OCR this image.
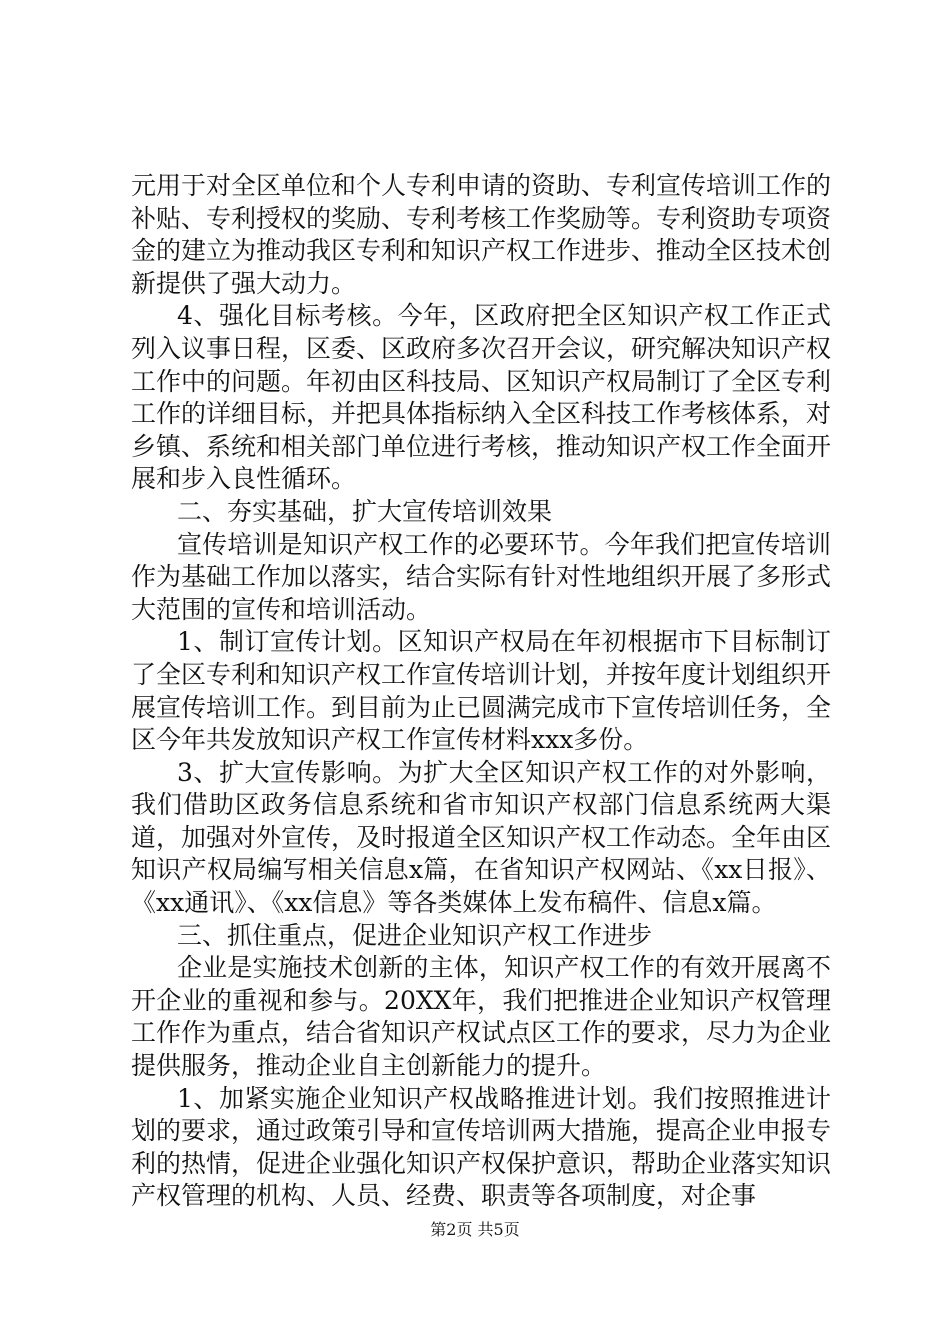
元用于对全区单位和个人专利申请的资助、专利宣传培训工作的补贴、专利授权的奖励、专利考核工作奖励等。专利资助专项资金的建立为推动我区专利和知识产权工作进步、推动全区技术创新提供了强大动力。

4、强化目标考核。今年，区政府把全区知识产权工作正式列入议事日程，区委、区政府多次召开会议，研究解决知识产权工作中的问题。年初由区科技局、区知识产权局制订了全区专利工作的详细目标，并把具体指标纳入全区科技工作考核体系，对乡镇、系统和相关部门单位进行考核，推动知识产权工作全面开展和步入良性循环。

二、夯实基础，扩大宣传培训效果

宣传培训是知识产权工作的必要环节。今年我们把宣传培训作为基础工作加以落实，结合实际有针对性地组织开展了多形式大范围的宣传和培训活动。

1、制订宣传计划。区知识产权局在年初根据市下目标制订了全区专利和知识产权工作宣传培训计划，并按年度计划组织开展宣传培训工作。到目前为止已圆满完成市下宣传培训任务，全区今年共发放知识产权工作宣传材料xxx多份。

3、扩大宣传影响。为扩大全区知识产权工作的对外影响，我们借助区政务信息系统和省市知识产权部门信息系统两大渠道，加强对外宣传，及时报道全区知识产权工作动态。全年由区知识产权局编写相关信息x篇，在省知识产权网站、《xx日报》、《xx通讯》、《xx信息》等各类媒体上发布稿件、信息x篇。

三、抓住重点，促进企业知识产权工作进步

企业是实施技术创新的主体，知识产权工作的有效开展离不开企业的重视和参与。20XX年，我们把推进企业知识产权管理工作作为重点，结合省知识产权试点区工作的要求，尽力为企业提供服务，推动企业自主创新能力的提升。

1、加紧实施企业知识产权战略推进计划。我们按照推进计划的要求，通过政策引导和宣传培训两大措施，提高企业申报专利的热情，促进企业强化知识产权保护意识，帮助企业落实知识产权管理的机构、人员、经费、职责等各项制度，对企事

第2页 共5页
